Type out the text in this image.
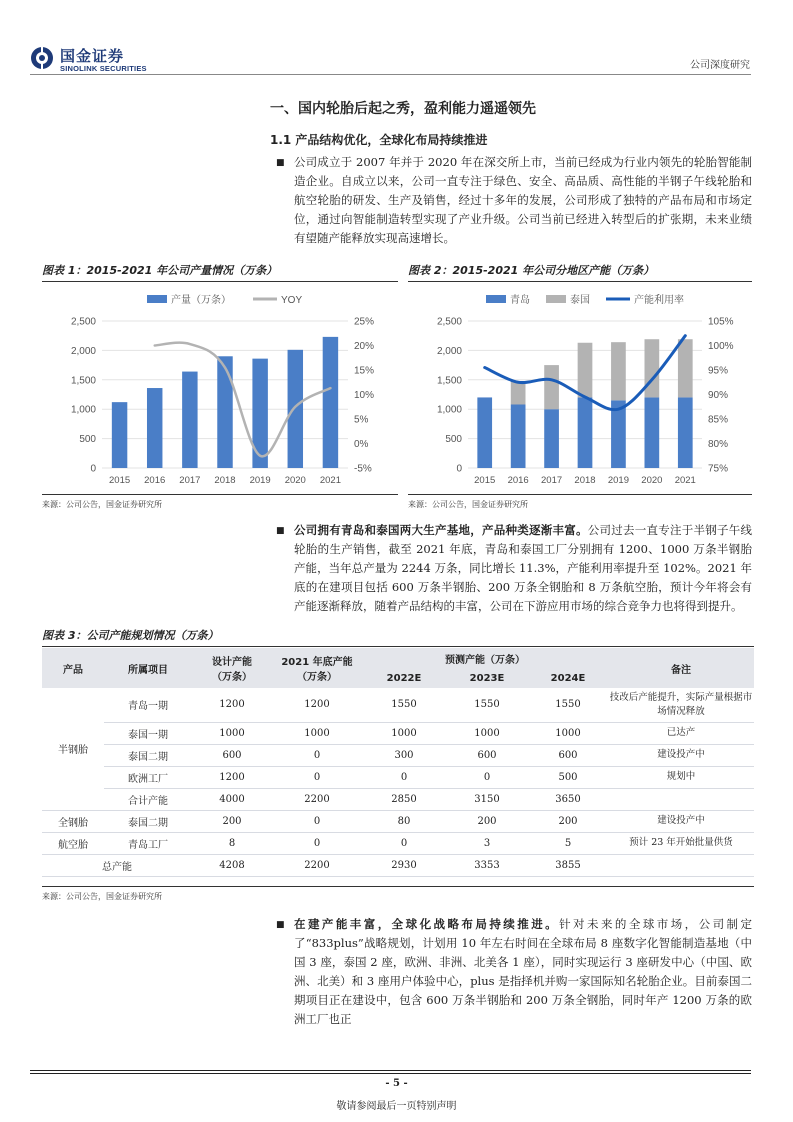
国金证券
SINOLINK SECURITIES	公司深度研究
一、国内轮胎后起之秀，盈利能力遥遥领先
1.1 产品结构优化，全球化布局持续推进
■ 公司成立于 2007 年并于 2020 年在深交所上市，当前已经成为行业内领先的轮胎智能制造企业。自成立以来，公司一直专注于绿色、安全、高品质、高性能的半钢子午线轮胎和航空轮胎的研发、生产及销售，经过十多年的发展，公司形成了独特的产品布局和市场定位，通过向智能制造转型实现了产业升级。公司当前已经进入转型后的扩张期，未来业绩有望随产能释放实现高速增长。
图表 1：2015-2021 年公司产量情况（万条）
0
500
1,000
1,500
2,000
2,500
-5%
0%
5%
10%
15%
20%
25%
2015 2016 2017 2018 2019 2020 2021
产量（万条）	YOY
来源：公司公告，国金证券研究所
图表 2：2015-2021 年公司分地区产能（万条）
0
500
1,000
1,500
2,000
2,500
75%
80%
85%
90%
95%
100%
105%
2015 2016 2017 2018 2019 2020 2021
青岛	泰国	产能利用率
来源：公司公告，国金证券研究所
■ 公司拥有青岛和泰国两大生产基地，产品种类逐渐丰富。公司过去一直专注于半钢子午线轮胎的生产销售，截至 2021 年底，青岛和泰国工厂分别拥有 1200、1000 万条半钢胎产能，当年总产量为 2244 万条，同比增长 11.3%，产能利用率提升至 102%。2021 年底的在建项目包括 600 万条半钢胎、200 万条全钢胎和 8 万条航空胎，预计今年将会有产能逐渐释放，随着产品结构的丰富，公司在下游应用市场的综合竞争力也将得到提升。
图表 3：公司产能规划情况（万条）
产品	所属项目	设计产能
（万条）	2021 年底产能
（万条）	预测产能（万条）			备注
				2022E	2023E	2024E	
半钢胎	青岛一期	1200	1200	1550	1550	1550	技改后产能提升，实际产量根据市场情况释放
	泰国一期	1000	1000	1000	1000	1000	已达产
	泰国二期	600	0	300	600	600	建设投产中
	欧洲工厂	1200	0	0	0	500	规划中
	合计产能	4000	2200	2850	3150	3650	
全钢胎	泰国二期	200	0	80	200	200	建设投产中
航空胎	青岛工厂	8	0	0	3	5	预计 23 年开始批量供货
总产能		4208	2200	2930	3353	3855	
来源：公司公告，国金证券研究所
■ 在建产能丰富，全球化战略布局持续推进。针对未来的全球市场，公司制定了“833plus”战略规划，计划用 10 年左右时间在全球布局 8 座数字化智能制造基地（中国 3 座，泰国 2 座，欧洲、非洲、北美各 1 座），同时实现运行 3 座研发中心（中国、欧洲、北美）和 3 座用户体验中心，plus 是指择机并购一家国际知名轮胎企业。目前泰国二期项目正在建设中，包含 600 万条半钢胎和 200 万条全钢胎，同时年产 1200 万条的欧洲工厂也正
- 5 -
敬请参阅最后一页特别声明
